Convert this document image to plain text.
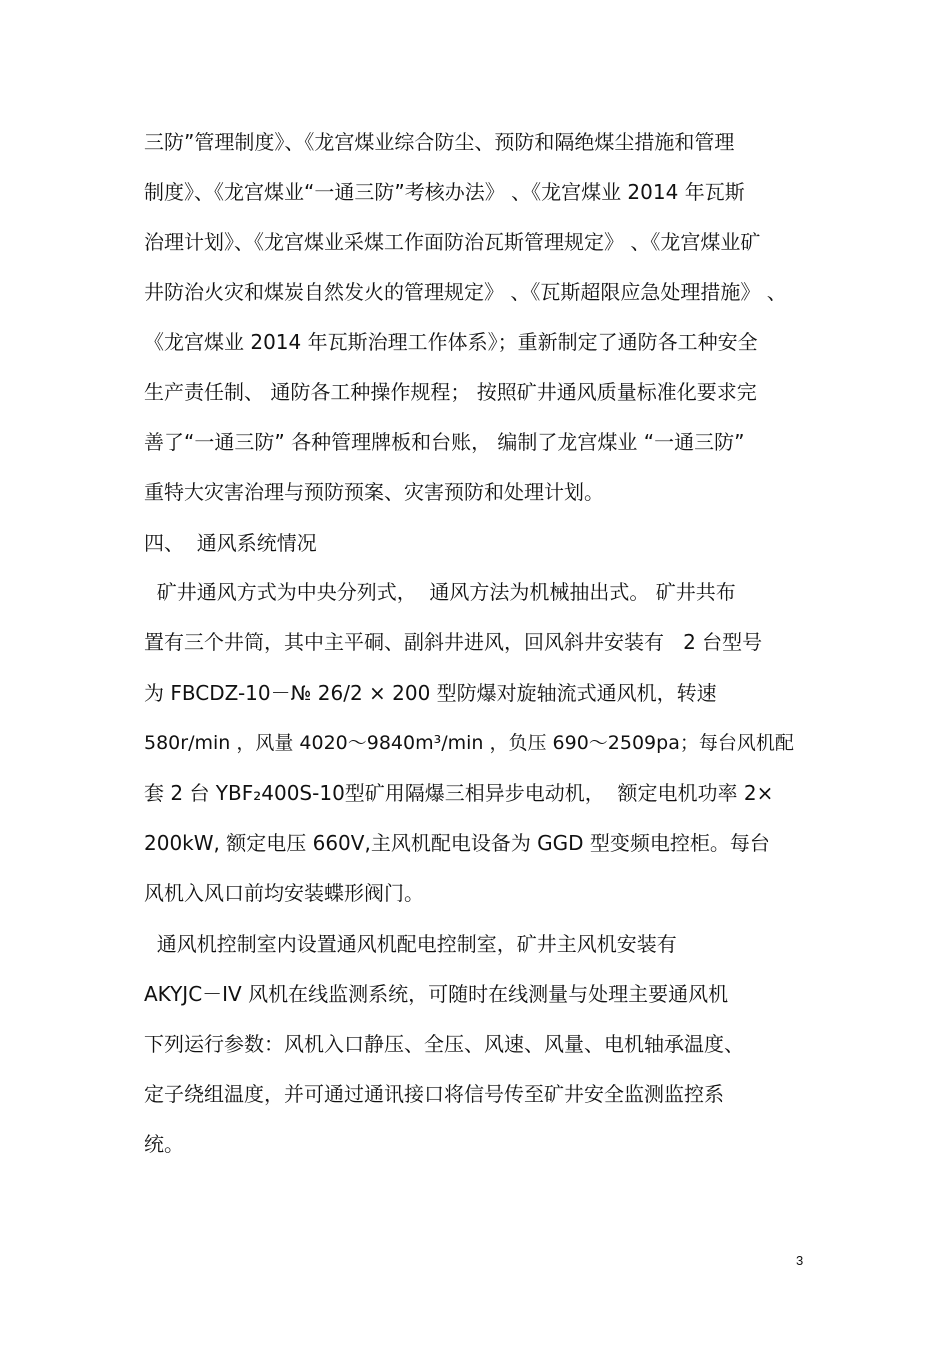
三防”管理制度》、《龙宫煤业综合防尘、预防和隔绝煤尘措施和管理
制度》、《龙宫煤业“一通三防”考核办法》 、《龙宫煤业 2014 年瓦斯
治理计划》、《龙宫煤业采煤工作面防治瓦斯管理规定》 、《龙宫煤业矿
井防治火灾和煤炭自然发火的管理规定》 、《瓦斯超限应急处理措施》 、
《龙宫煤业 2014 年瓦斯治理工作体系》；重新制定了通防各工种安全
生产责任制、 通防各工种操作规程； 按照矿井通风质量标准化要求完
善了“一通三防” 各种管理牌板和台账， 编制了龙宫煤业 “一通三防”
重特大灾害治理与预防预案、灾害预防和处理计划。
四、  通风系统情况
矿井通风方式为中央分列式，  通风方法为机械抽出式。 矿井共布
置有三个井筒，其中主平硐、副斜井进风，回风斜井安装有   2 台型号
为 FBCDZ-10－№ 26/2 × 200 型防爆对旋轴流式通风机，转速
580r/min ，风量 4020～9840m³/min ，负压 690～2509pa；每台风机配
套 2 台 YBF₂400S-10型矿用隔爆三相异步电动机，  额定电机功率 2×
200kW, 额定电压 660V,主风机配电设备为 GGD 型变频电控柜。每台
风机入风口前均安装蝶形阀门。
通风机控制室内设置通风机配电控制室，矿井主风机安装有
AKYJC－IV 风机在线监测系统，可随时在线测量与处理主要通风机
下列运行参数：风机入口静压、全压、风速、风量、电机轴承温度、
定子绕组温度，并可通过通讯接口将信号传至矿井安全监测监控系
统。
3
